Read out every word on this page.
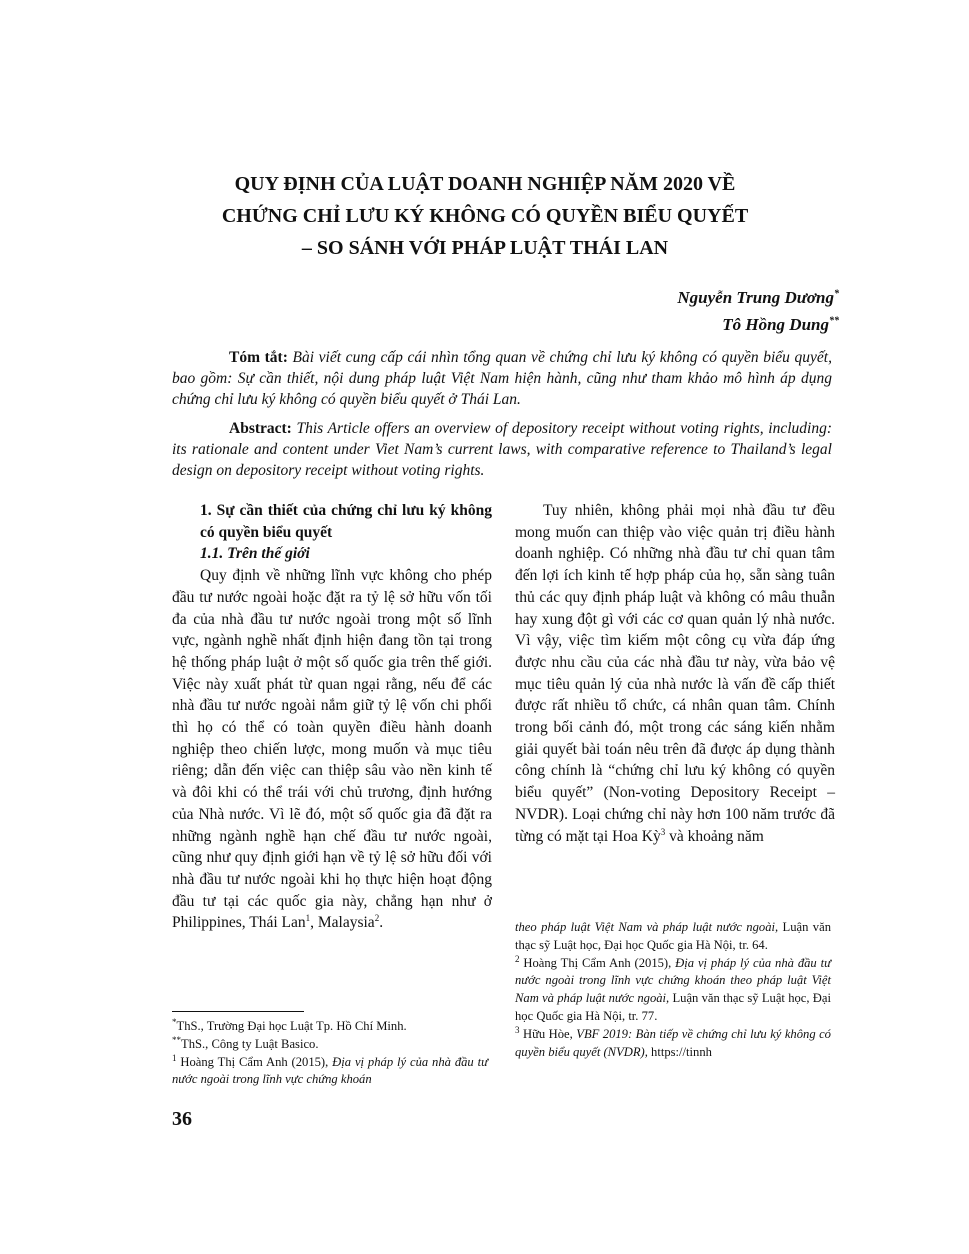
QUY ĐỊNH CỦA LUẬT DOANH NGHIỆP NĂM 2020 VỀ
CHỨNG CHỈ LƯU KÝ KHÔNG CÓ QUYỀN BIỂU QUYẾT
– SO SÁNH VỚI PHÁP LUẬT THÁI LAN
Nguyễn Trung Dương*
Tô Hồng Dung**
Tóm tắt: Bài viết cung cấp cái nhìn tổng quan về chứng chỉ lưu ký không có quyền biểu quyết, bao gồm: Sự cần thiết, nội dung pháp luật Việt Nam hiện hành, cũng như tham khảo mô hình áp dụng chứng chỉ lưu ký không có quyền biểu quyết ở Thái Lan.
Abstract: This Article offers an overview of depository receipt without voting rights, including: its rationale and content under Viet Nam’s current laws, with comparative reference to Thailand’s legal design on depository receipt without voting rights.
1. Sự cần thiết của chứng chỉ lưu ký không có quyền biểu quyết
1.1. Trên thế giới

Quy định về những lĩnh vực không cho phép đầu tư nước ngoài hoặc đặt ra tỷ lệ sở hữu vốn tối đa của nhà đầu tư nước ngoài trong một số lĩnh vực, ngành nghề nhất định hiện đang tồn tại trong hệ thống pháp luật ở một số quốc gia trên thế giới. Việc này xuất phát từ quan ngại rằng, nếu để các nhà đầu tư nước ngoài nắm giữ tỷ lệ vốn chi phối thì họ có thể có toàn quyền điều hành doanh nghiệp theo chiến lược, mong muốn và mục tiêu riêng; dẫn đến việc can thiệp sâu vào nền kinh tế và đôi khi có thể trái với chủ trương, định hướng của Nhà nước. Vì lẽ đó, một số quốc gia đã đặt ra những ngành nghề hạn chế đầu tư nước ngoài, cũng như quy định giới hạn về tỷ lệ sở hữu đối với nhà đầu tư nước ngoài khi họ thực hiện hoạt động đầu tư tại các quốc gia này, chẳng hạn như ở Philippines, Thái Lan$^1$, Malaysia$^2$.

Tuy nhiên, không phải mọi nhà đầu tư đều mong muốn can thiệp vào việc quản trị điều hành doanh nghiệp. Có những nhà đầu tư chỉ quan tâm đến lợi ích kinh tế hợp pháp của họ, sẵn sàng tuân thủ các quy định pháp luật và không có mâu thuẫn hay xung đột gì với các cơ quan quản lý nhà nước. Vì vậy, việc tìm kiếm một công cụ vừa đáp ứng được nhu cầu của các nhà đầu tư này, vừa bảo vệ mục tiêu quản lý của nhà nước là vấn đề cấp thiết được rất nhiều tổ chức, cá nhân quan tâm. Chính trong bối cảnh đó, một trong các sáng kiến nhằm giải quyết bài toán nêu trên đã được áp dụng thành công chính là “chứng chỉ lưu ký không có quyền biểu quyết” (Non-voting Depository Receipt – NVDR). Loại chứng chỉ này hơn 100 năm trước đã từng có mặt tại Hoa Kỳ$^3$ và khoảng năm

*ThS., Trường Đại học Luật Tp. Hồ Chí Minh.
**ThS., Công ty Luật Basico.
$^1$ Hoàng Thị Cẩm Anh (2015), Địa vị pháp lý của nhà đầu tư nước ngoài trong lĩnh vực chứng khoán
theo pháp luật Việt Nam và pháp luật nước ngoài, Luận văn thạc sỹ Luật học, Đại học Quốc gia Hà Nội, tr. 64.
$^2$ Hoàng Thị Cẩm Anh (2015), Địa vị pháp lý của nhà đầu tư nước ngoài trong lĩnh vực chứng khoán theo pháp luật Việt Nam và pháp luật nước ngoài, Luận văn thạc sỹ Luật học, Đại học Quốc gia Hà Nội, tr. 77.
$^3$ Hữu Hòe, VBF 2019: Bàn tiếp về chứng chỉ lưu ký không có quyền biểu quyết (NVDR), https://tinnh
36
